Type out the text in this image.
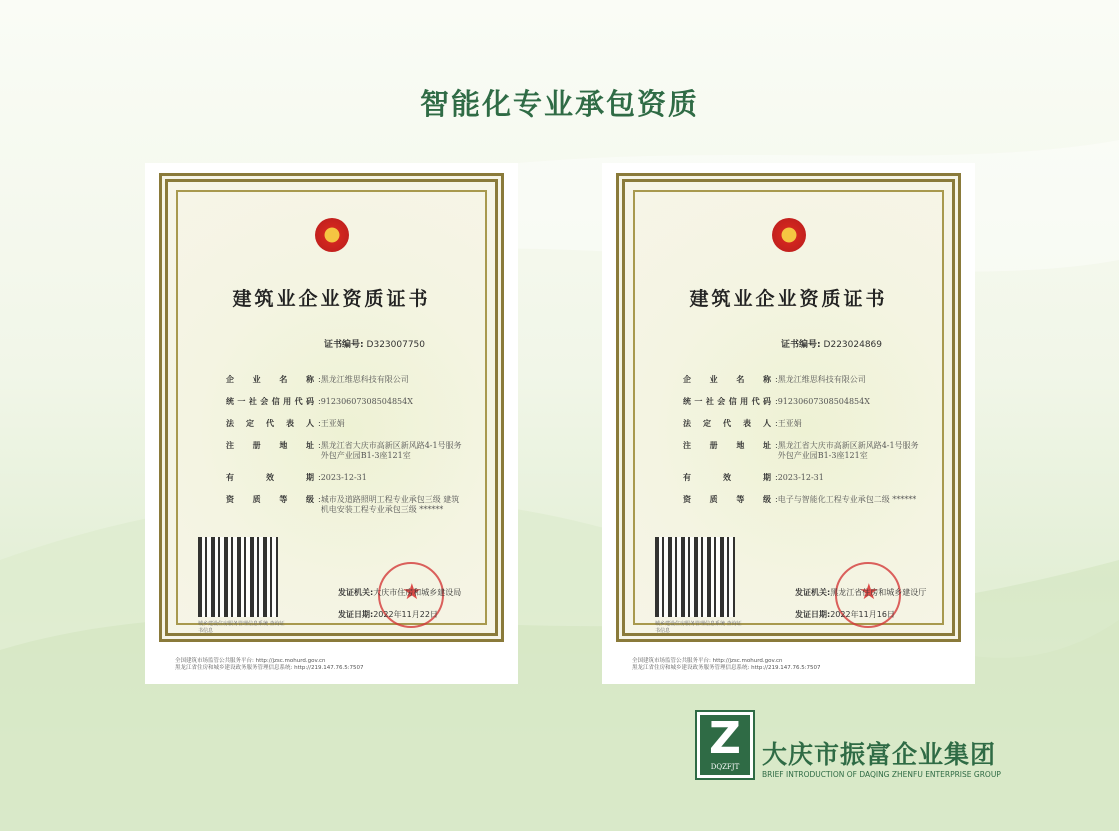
智能化专业承包资质
建筑业企业资质证书
证书编号: D323007750
企业名称 : 黑龙江维思科技有限公司
统一社会信用代码 : 91230607308504854X
法定代表人 : 王亚娟
注册地址 : 黑龙江省大庆市高新区新风路4-1号服务外包产业园B1-3座121室
有效期 : 2023-12-31
资质等级 : 城市及道路照明工程专业承包三级 建筑机电安装工程专业承包三级 ******
城乡建设住房服务管理信息系统 查询证书信息
★
发证机关:大庆市住房和城乡建设局
发证日期:2022年11月22日
全国建筑市场监管公共服务平台: http://jzsc.mohurd.gov.cn
黑龙江省住房和城乡建设政务服务管理信息系统: http://219.147.76.5:7507
建筑业企业资质证书
证书编号: D223024869
企业名称 : 黑龙江维思科技有限公司
统一社会信用代码 : 91230607308504854X
法定代表人 : 王亚娟
注册地址 : 黑龙江省大庆市高新区新风路4-1号服务外包产业园B1-3座121室
有效期 : 2023-12-31
资质等级 : 电子与智能化工程专业承包二级 ******
城乡建设住房服务管理信息系统 查询证书信息
★
发证机关:黑龙江省住房和城乡建设厅
发证日期:2022年11月16日
全国建筑市场监管公共服务平台: http://jzsc.mohurd.gov.cn
黑龙江省住房和城乡建设政务服务管理信息系统: http://219.147.76.5:7507
Z
DQZFJT 大庆市振富企业集团
BRIEF INTRODUCTION OF DAQING ZHENFU ENTERPRISE GROUP
